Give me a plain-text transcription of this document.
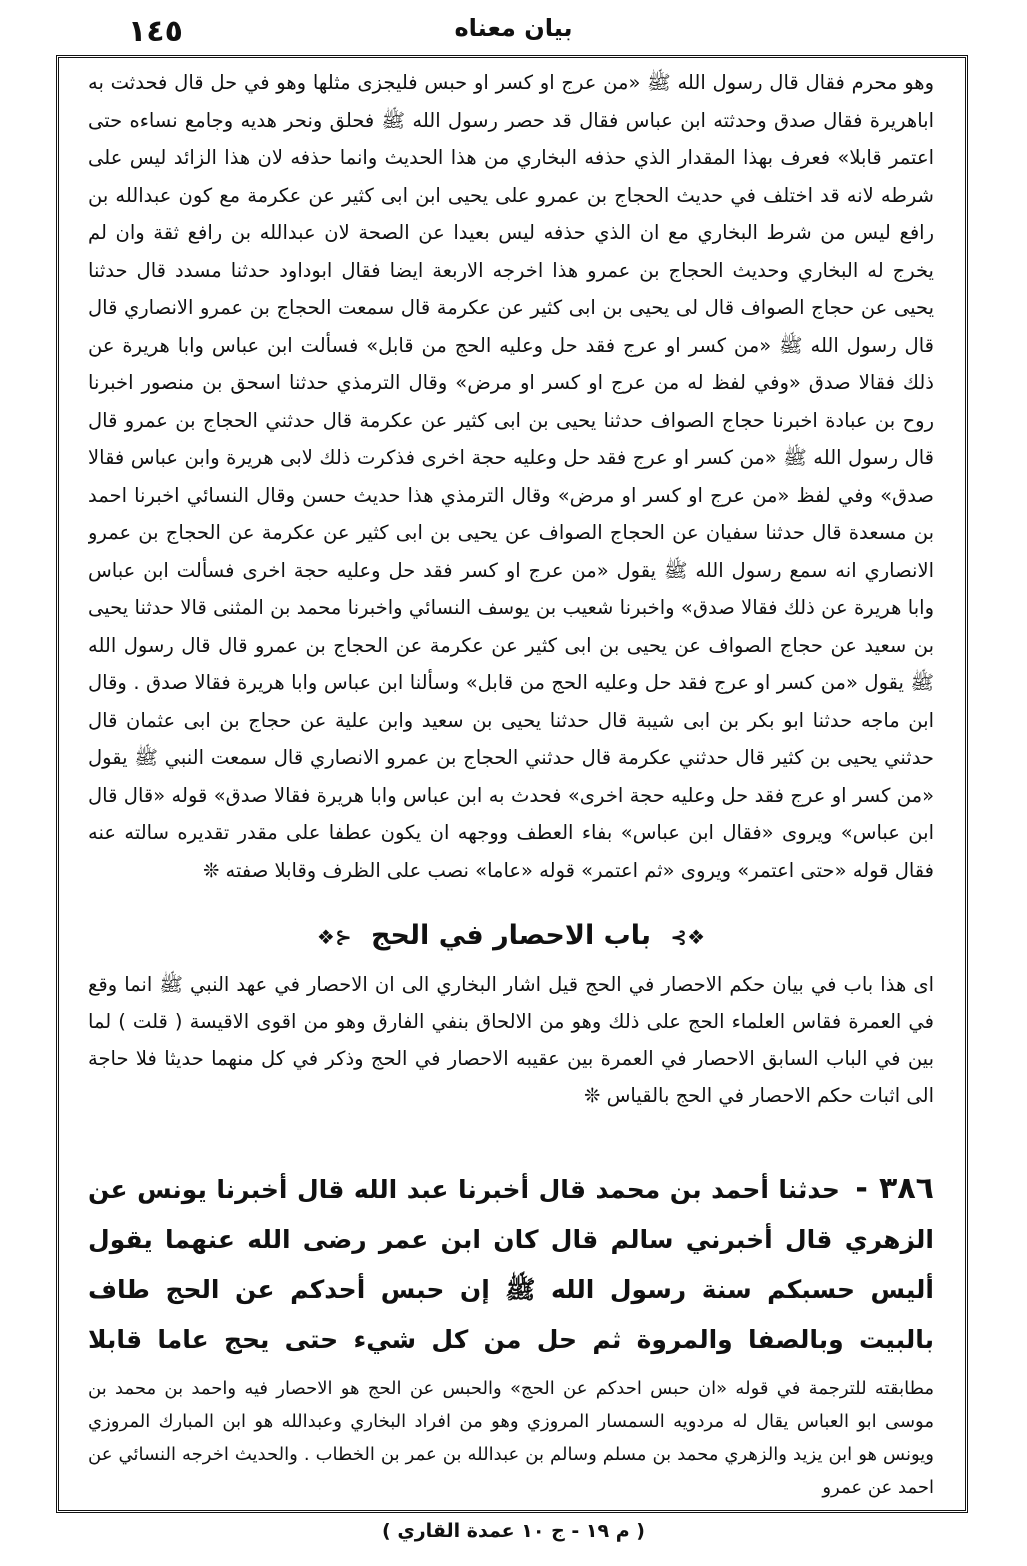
١٤٥	بیان معناه

وهو محرم فقال قال رسول الله ﷺ «من عرج او كسر او حبس فليجزى مثلها وهو في حل قال فحدثت به اباهريرة فقال صدق وحدثته ابن عباس فقال قد حصر رسول الله ﷺ فحلق ونحر هديه وجامع نساءه حتى اعتمر قابلا» فعرف بهذا المقدار الذي حذفه البخاري من هذا الحديث وانما حذفه لان هذا الزائد ليس على شرطه لانه قد اختلف في حديث الحجاج بن عمرو على يحيى ابن ابى كثير عن عكرمة مع كون عبدالله بن رافع ليس من شرط البخاري مع ان الذي حذفه ليس بعيدا عن الصحة لان عبدالله بن رافع ثقة وان لم يخرج له البخاري وحديث الحجاج بن عمرو هذا اخرجه الاربعة ايضا فقال ابوداود حدثنا مسدد قال حدثنا يحيى عن حجاج الصواف قال لى يحيى بن ابى كثير عن عكرمة قال سمعت الحجاج بن عمرو الانصاري قال قال رسول الله ﷺ «من كسر او عرج فقد حل وعليه الحج من قابل» فسألت ابن عباس وابا هريرة عن ذلك فقالا صدق «وفي لفظ له من عرج او كسر او مرض» وقال الترمذي حدثنا اسحق بن منصور اخبرنا روح بن عبادة اخبرنا حجاج الصواف حدثنا يحيى بن ابى كثير عن عكرمة قال حدثني الحجاج بن عمرو قال قال رسول الله ﷺ «من كسر او عرج فقد حل وعليه حجة اخرى فذكرت ذلك لابى هريرة وابن عباس فقالا صدق» وفي لفظ «من عرج او كسر او مرض» وقال الترمذي هذا حديث حسن وقال النسائي اخبرنا احمد بن مسعدة قال حدثنا سفيان عن الحجاج الصواف عن يحيى بن ابى كثير عن عكرمة عن الحجاج بن عمرو الانصاري انه سمع رسول الله ﷺ يقول «من عرج او كسر فقد حل وعليه حجة اخرى فسألت ابن عباس وابا هريرة عن ذلك فقالا صدق» واخبرنا شعيب بن يوسف النسائي واخبرنا محمد بن المثنى قالا حدثنا يحيى بن سعيد عن حجاج الصواف عن يحيى بن ابى كثير عن عكرمة عن الحجاج بن عمرو قال قال رسول الله ﷺ يقول «من كسر او عرج فقد حل وعليه الحج من قابل» وسألنا ابن عباس وابا هريرة فقالا صدق . وقال ابن ماجه حدثنا ابو بكر بن ابى شيبة قال حدثنا يحيى بن سعيد وابن علية عن حجاج بن ابى عثمان قال حدثني يحيى بن كثير قال حدثني عكرمة قال حدثني الحجاج بن عمرو الانصاري قال سمعت النبي ﷺ يقول «من كسر او عرج فقد حل وعليه حجة اخرى» فحدث به ابن عباس وابا هريرة فقالا صدق» قوله «قال قال ابن عباس» ويروى «فقال ابن عباس» بفاء العطف ووجهه ان يكون عطفا على مقدر تقديره سالته عنه فقال قوله «حتى اعتمر» ويروى «ثم اعتمر» قوله «عاما» نصب على الظرف وقابلا صفته ❊

❖⊱ باب الاحصار في الحج ⊰❖

اى هذا باب في بيان حكم الاحصار في الحج قيل اشار البخاري الى ان الاحصار في عهد النبي ﷺ انما وقع في العمرة فقاس العلماء الحج على ذلك وهو من الالحاق بنفي الفارق وهو من اقوى الاقيسة ( قلت ) لما بين في الباب السابق الاحصار في العمرة بين عقيبه الاحصار في الحج وذكر في كل منهما حديثا فلا حاجة الى اثبات حكم الاحصار في الحج بالقياس ❊

٣٨٦ - حدثنا أحمد بن محمد قال أخبرنا عبد الله قال أخبرنا يونس عن الزهري قال أخبرني سالم قال كان ابن عمر رضى الله عنهما يقول أليس حسبكم سنة رسول الله ﷺ إن حبس أحدكم عن الحج طاف بالبيت وبالصفا والمروة ثم حل من كل شيء حتى يحج عاما قابلا

مطابقته للترجمة في قوله «ان حبس احدكم عن الحج» والحبس عن الحج هو الاحصار فيه واحمد بن محمد بن موسى ابو العباس يقال له مردويه السمسار المروزي وهو من افراد البخاري وعبدالله هو ابن المبارك المروزي ويونس هو ابن يزيد والزهري محمد بن مسلم وسالم بن عبدالله بن عمر بن الخطاب . والحديث اخرجه النسائي عن احمد عن عمرو

( م ١٩ - ج ١٠ عمدة القاري )
